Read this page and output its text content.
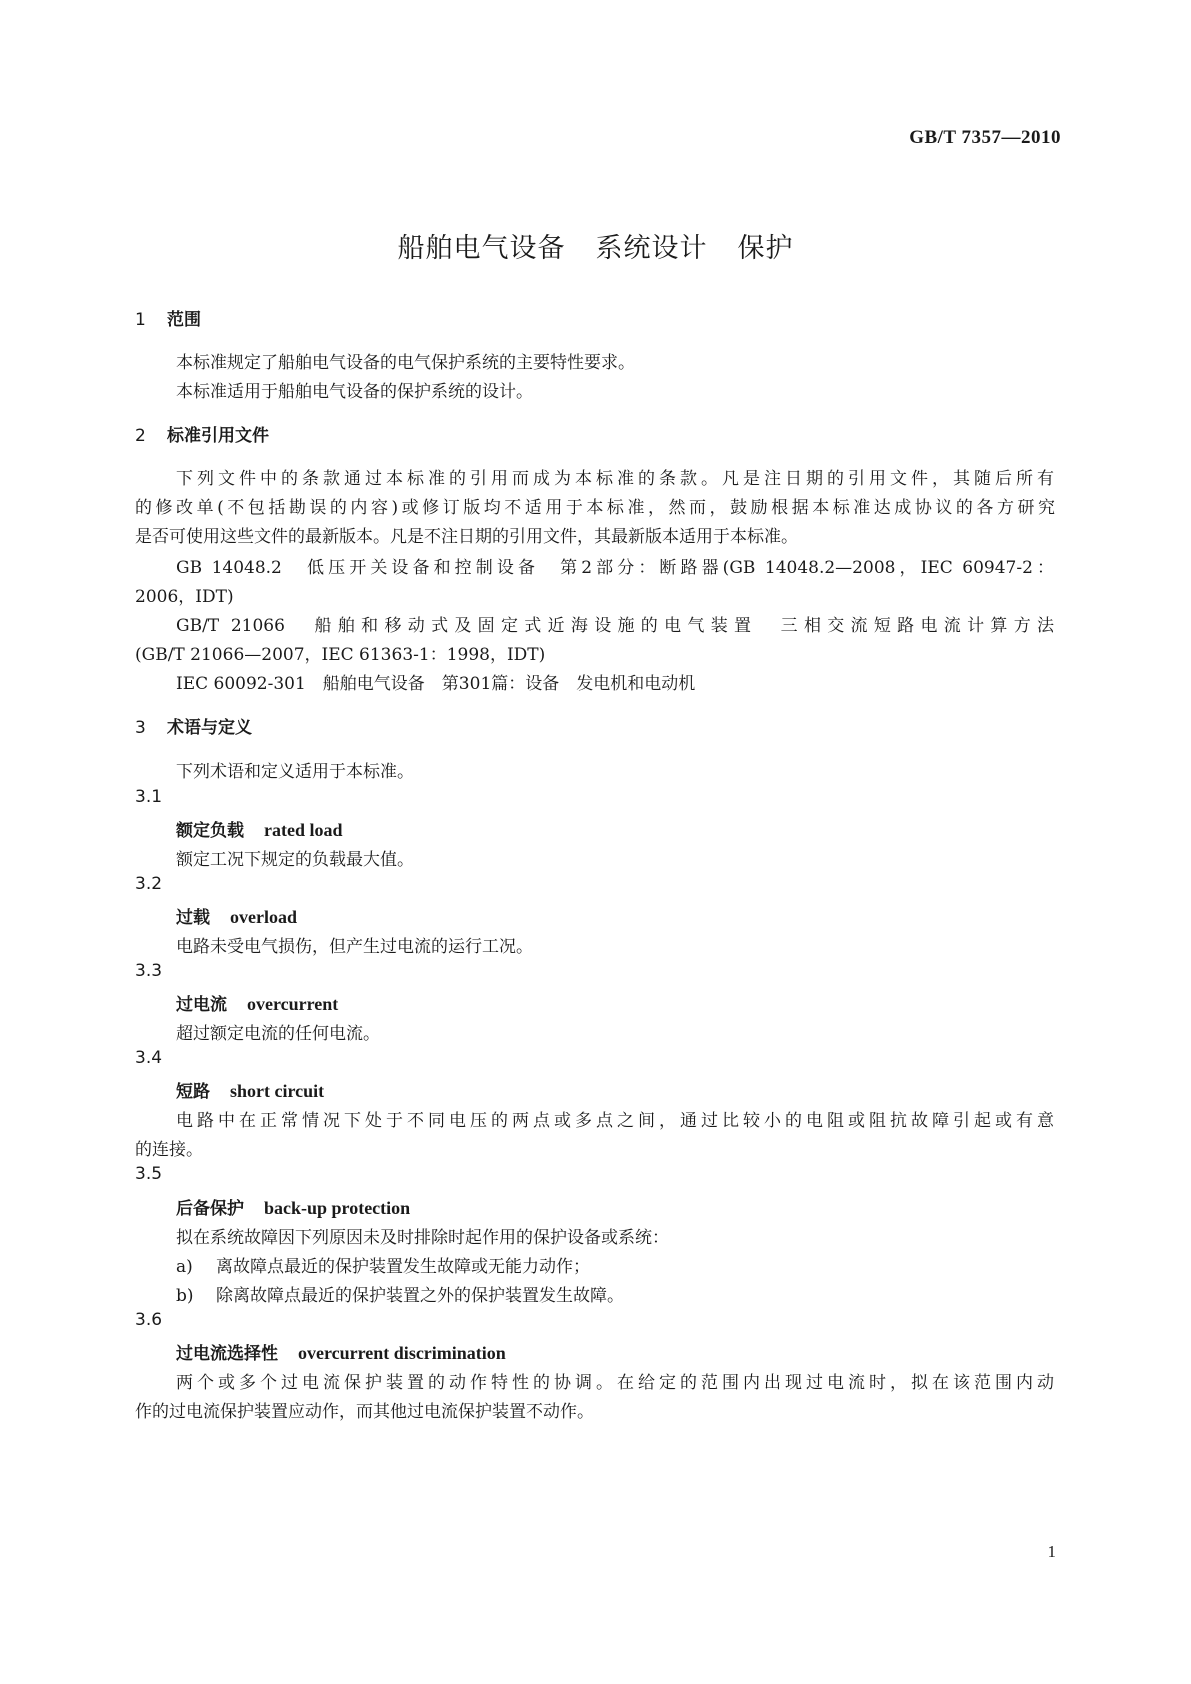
GB/T 7357—2010
船舶电气设备 系统设计 保护
1 范围
本标准规定了船舶电气设备的电气保护系统的主要特性要求。
本标准适用于船舶电气设备的保护系统的设计。
2 标准引用文件
下列文件中的条款通过本标准的引用而成为本标准的条款。凡是注日期的引用文件，其随后所有
的修改单(不包括勘误的内容)或修订版均不适用于本标准，然而，鼓励根据本标准达成协议的各方研究
是否可使用这些文件的最新版本。凡是不注日期的引用文件，其最新版本适用于本标准。
GB 14048.2　低压开关设备和控制设备　第2部分：断路器(GB 14048.2—2008，IEC 60947-2：
2006，IDT)
GB/T 21066　船舶和移动式及固定式近海设施的电气装置　三相交流短路电流计算方法
(GB/T 21066—2007，IEC 61363-1：1998，IDT)
IEC 60092-301　船舶电气设备　第301篇：设备　发电机和电动机
3 术语与定义
下列术语和定义适用于本标准。
3.1
额定负载 rated load
额定工况下规定的负载最大值。
3.2
过载 overload
电路未受电气损伤，但产生过电流的运行工况。
3.3
过电流 overcurrent
超过额定电流的任何电流。
3.4
短路 short circuit
电路中在正常情况下处于不同电压的两点或多点之间，通过比较小的电阻或阻抗故障引起或有意
的连接。
3.5
后备保护 back-up protection
拟在系统故障因下列原因未及时排除时起作用的保护设备或系统：
a) 离故障点最近的保护装置发生故障或无能力动作；
b) 除离故障点最近的保护装置之外的保护装置发生故障。
3.6
过电流选择性 overcurrent discrimination
两个或多个过电流保护装置的动作特性的协调。在给定的范围内出现过电流时，拟在该范围内动
作的过电流保护装置应动作，而其他过电流保护装置不动作。
1
